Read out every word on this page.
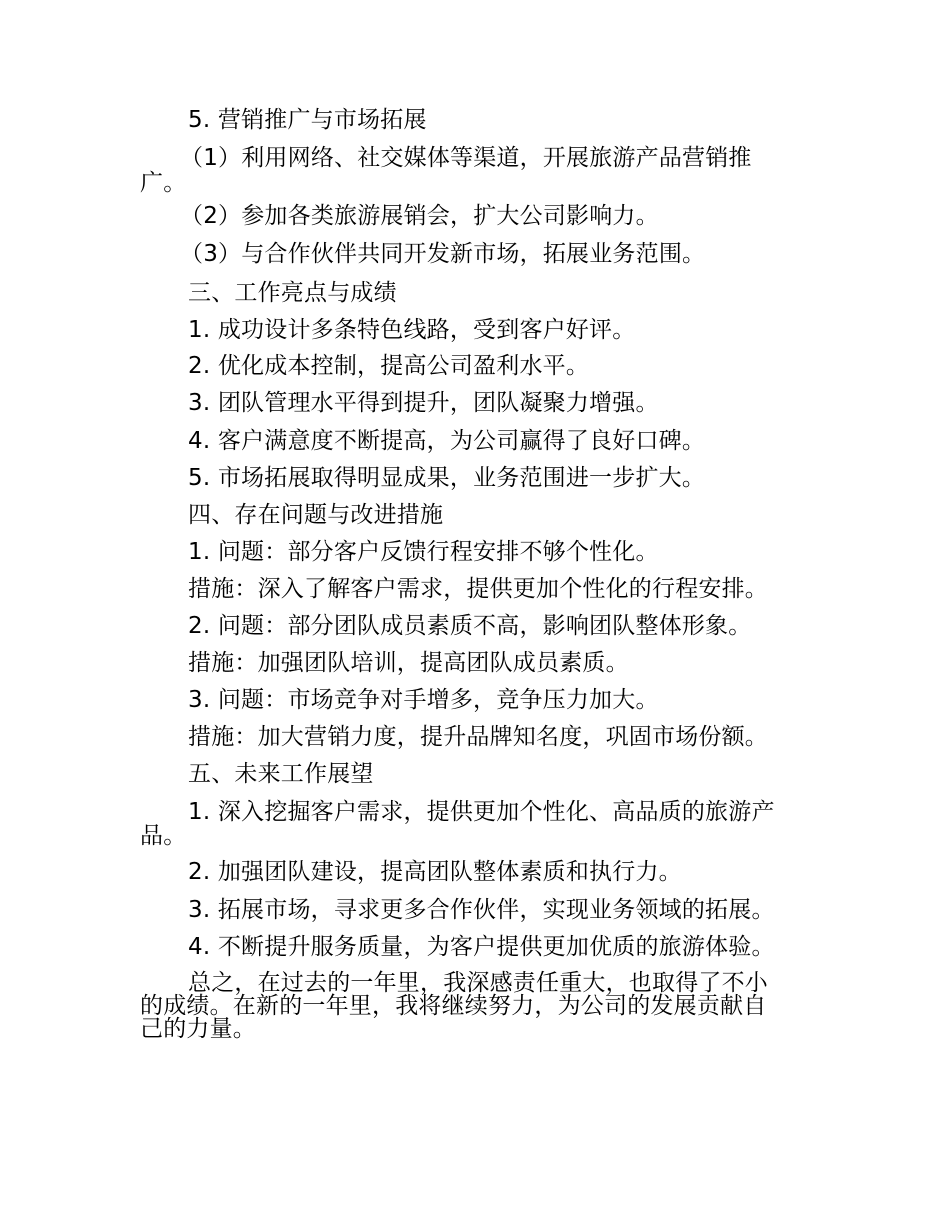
5. 营销推广与市场拓展
（1）利用网络、社交媒体等渠道，开展旅游产品营销推
广。
（2）参加各类旅游展销会，扩大公司影响力。
（3）与合作伙伴共同开发新市场，拓展业务范围。
三、工作亮点与成绩
1. 成功设计多条特色线路，受到客户好评。
2. 优化成本控制，提高公司盈利水平。
3. 团队管理水平得到提升，团队凝聚力增强。
4. 客户满意度不断提高，为公司赢得了良好口碑。
5. 市场拓展取得明显成果，业务范围进一步扩大。
四、存在问题与改进措施
1. 问题：部分客户反馈行程安排不够个性化。
措施：深入了解客户需求，提供更加个性化的行程安排。
2. 问题：部分团队成员素质不高，影响团队整体形象。
措施：加强团队培训，提高团队成员素质。
3. 问题：市场竞争对手增多，竞争压力加大。
措施：加大营销力度，提升品牌知名度，巩固市场份额。
五、未来工作展望
1. 深入挖掘客户需求，提供更加个性化、高品质的旅游产
品。
2. 加强团队建设，提高团队整体素质和执行力。
3. 拓展市场，寻求更多合作伙伴，实现业务领域的拓展。
4. 不断提升服务质量，为客户提供更加优质的旅游体验。
总之，在过去的一年里，我深感责任重大，也取得了不小
的成绩。在新的一年里，我将继续努力，为公司的发展贡献自
己的力量。
